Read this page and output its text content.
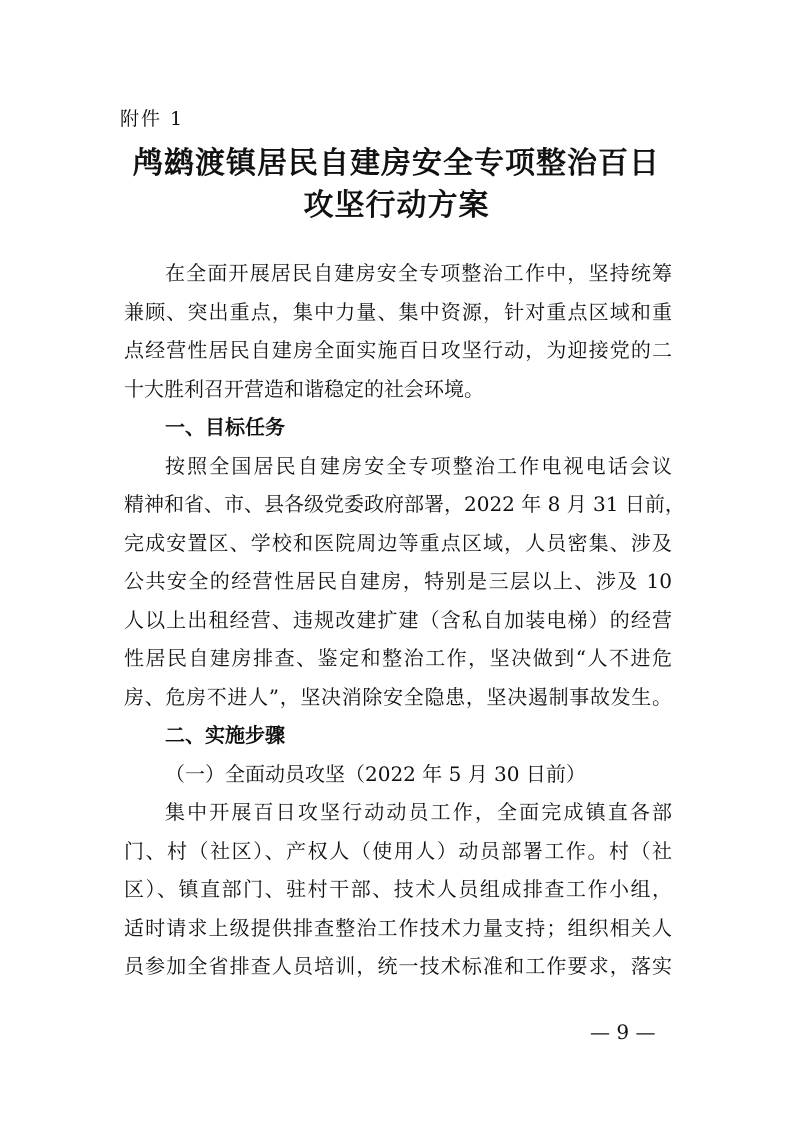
附件 1
鸬鹚渡镇居民自建房安全专项整治百日
攻坚行动方案
在全面开展居民自建房安全专项整治工作中，坚持统筹
兼顾、突出重点，集中力量、集中资源，针对重点区域和重
点经营性居民自建房全面实施百日攻坚行动，为迎接党的二
十大胜利召开营造和谐稳定的社会环境。
一、目标任务
按照全国居民自建房安全专项整治工作电视电话会议
精神和省、市、县各级党委政府部署，2022 年 8 月 31 日前，
完成安置区、学校和医院周边等重点区域，人员密集、涉及
公共安全的经营性居民自建房，特别是三层以上、涉及 10
人以上出租经营、违规改建扩建（含私自加装电梯）的经营
性居民自建房排查、鉴定和整治工作，坚决做到“人不进危
房、危房不进人”，坚决消除安全隐患，坚决遏制事故发生。
二、实施步骤
（一）全面动员攻坚（2022 年 5 月 30 日前）
集中开展百日攻坚行动动员工作，全面完成镇直各部
门、村（社区）、产权人（使用人）动员部署工作。村（社
区）、镇直部门、驻村干部、技术人员组成排查工作小组，
适时请求上级提供排查整治工作技术力量支持；组织相关人
员参加全省排查人员培训，统一技术标准和工作要求，落实
— 9 —
